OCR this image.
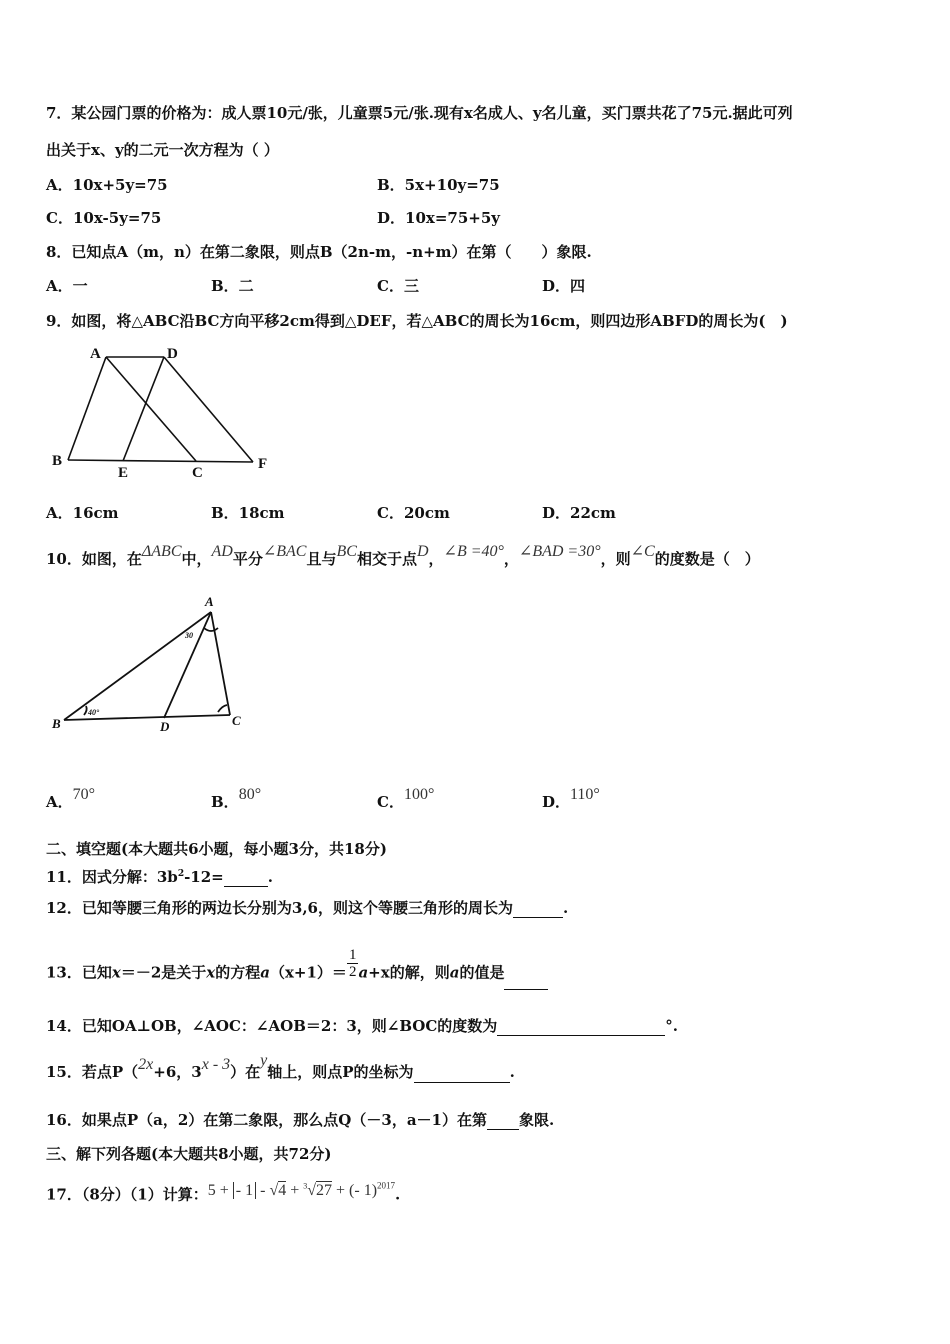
7．某公园门票的价格为：成人票10元/张，儿童票5元/张.现有x名成人、y名儿童，买门票共花了75元.据此可列
出关于x、y的二元一次方程为（ ）
A．10x+5y=75	B．5x+10y=75
C．10x-5y=75	D．10x=75+5y
8．已知点A（m，n）在第二象限，则点B（2n-m，-n+m）在第（　　）象限.
A．一	B．二	C．三	D．四
9．如图，将△ABC沿BC方向平移2cm得到△DEF，若△ABC的周长为16cm，则四边形ABFD的周长为(　)
A	D
B
E	C
F
A．16cm	B．18cm	C．20cm	D．22cm
10．如图，在ΔABC中，AD平分∠BAC且与BC相交于点D，∠B =40°，∠BAD =30°，则∠C的度数是（　）
A
B	D	C
30
40°
A．70°	B．80°	C．100°	D．110°
二、填空题(本大题共6小题，每小题3分，共18分)
11．因式分解：$3b^2-12=$	.
12．已知等腰三角形的两边长分别为3,6，则这个等腰三角形的周长为	.
13．已知x＝－2是关于x的方程$a(x+1)= \frac{1}{2} a+x$的解，则a的值是
14．已知OA⊥OB，∠AOC：∠AOB＝2：3，则∠BOC的度数为	°.
15．若点P（2x+6，3x - 3）在y轴上，则点P的坐标为	.
16．如果点P（a，2）在第二象限，那么点Q（－3，a－1）在第 象限.
三、解下列各题(本大题共8小题，共72分)
17．（8分）（1）计算：5 + - 1 - √4 + $^3$√27 + (- 1)$^{2017}$.
